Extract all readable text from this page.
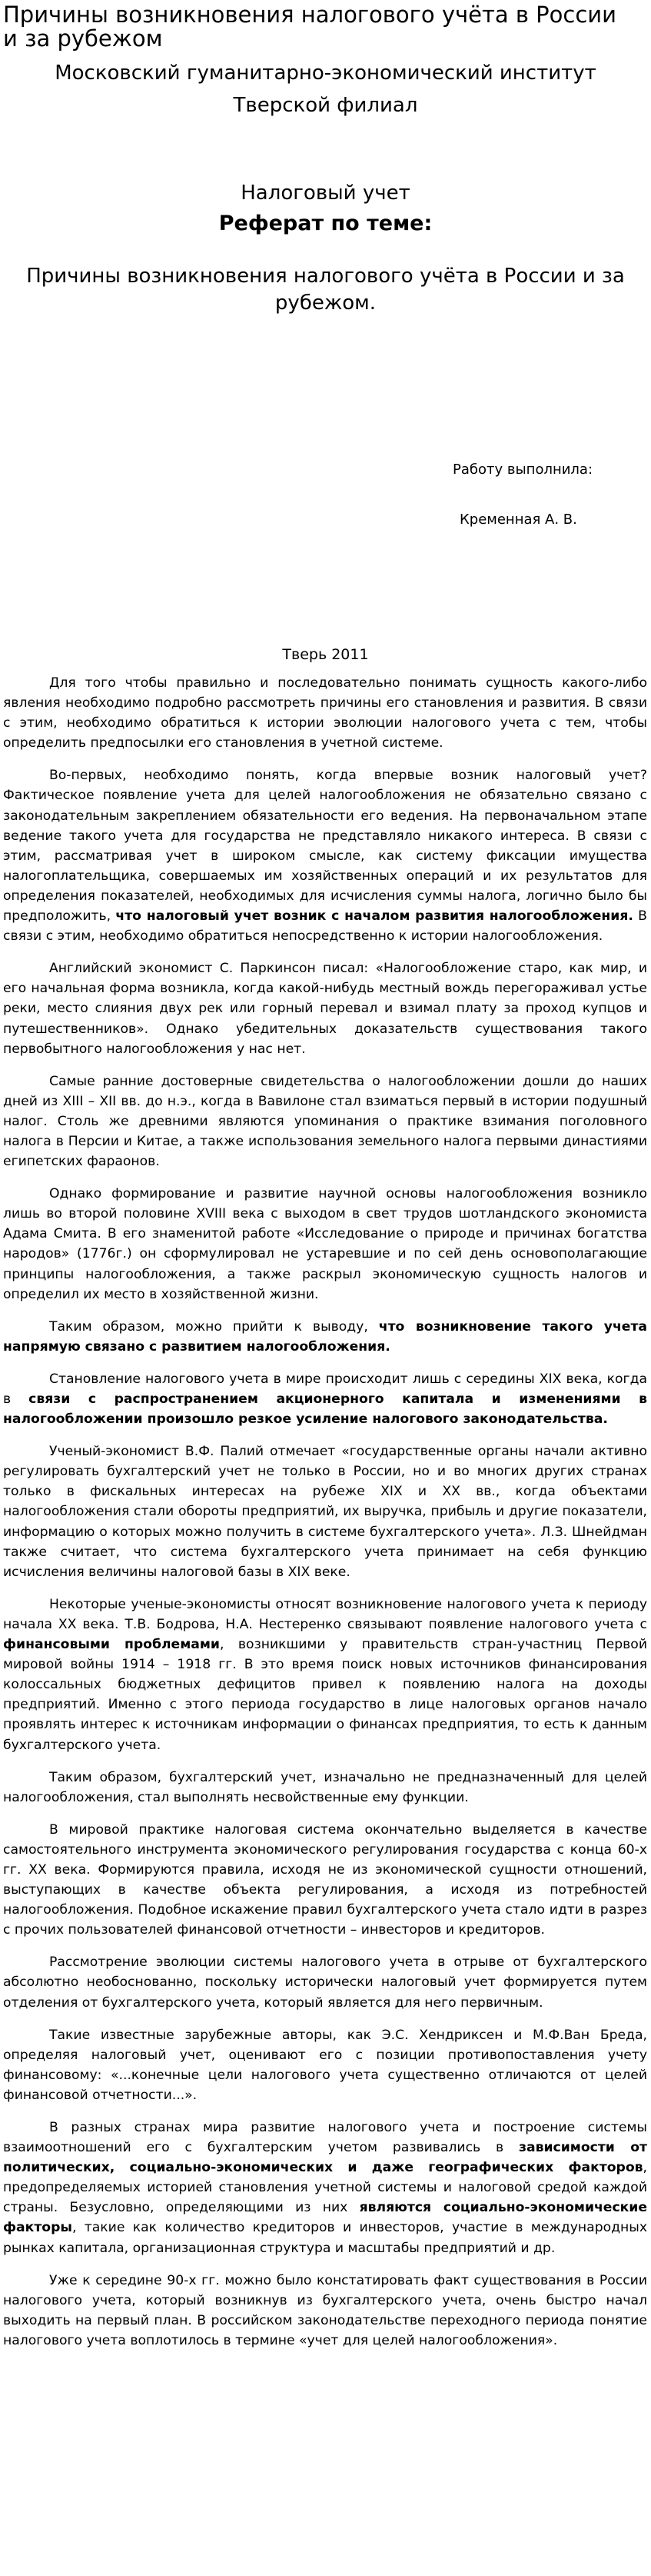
Причины возникновения налогового учёта в России и за рубежом

Московский гуманитарно-экономический институт

Тверской филиал

Налоговый учет

Реферат по теме:

Причины возникновения налогового учёта в России и за рубежом.

Работу выполнила:

Кременная А. В.

Тверь 2011

Для того чтобы правильно и последовательно понимать сущность какого-либо явления необходимо подробно рассмотреть причины его становления и развития. В связи с этим, необходимо обратиться к истории эволюции налогового учета с тем, чтобы определить предпосылки его становления в учетной системе.

Во-первых, необходимо понять, когда впервые возник налоговый учет? Фактическое появление учета для целей налогообложения не обязательно связано с законодательным закреплением обязательности его ведения. На первоначальном этапе ведение такого учета для государства не представляло никакого интереса. В связи с этим, рассматривая учет в широком смысле, как систему фиксации имущества налогоплательщика, совершаемых им хозяйственных операций и их результатов для определения показателей, необходимых для исчисления суммы налога, логично было бы предположить, что налоговый учет возник с началом развития налогообложения. В связи с этим, необходимо обратиться непосредственно к истории налогообложения.

Английский экономист С. Паркинсон писал: «Налогообложение старо, как мир, и его начальная форма возникла, когда какой-нибудь местный вождь перегораживал устье реки, место слияния двух рек или горный перевал и взимал плату за проход купцов и путешественников». Однако убедительных доказательств существования такого первобытного налогообложения у нас нет.

Самые ранние достоверные свидетельства о налогообложении дошли до наших дней из XIII – XII вв. до н.э., когда в Вавилоне стал взиматься первый в истории подушный налог. Столь же древними являются упоминания о практике взимания поголовного налога в Персии и Китае, а также использования земельного налога первыми династиями египетских фараонов.

Однако формирование и развитие научной основы налогообложения возникло лишь во второй половине XVIII века с выходом в свет трудов шотландского экономиста Адама Смита. В его знаменитой работе «Исследование о природе и причинах богатства народов» (1776г.) он сформулировал не устаревшие и по сей день основополагающие принципы налогообложения, а также раскрыл экономическую сущность налогов и определил их место в хозяйственной жизни.

Таким образом, можно прийти к выводу, что возникновение такого учета напрямую связано с развитием налогообложения.

Становление налогового учета в мире происходит лишь с середины XIX века, когда в связи с распространением акционерного капитала и изменениями в налогообложении произошло резкое усиление налогового законодательства.

Ученый-экономист В.Ф. Палий отмечает «государственные органы начали активно регулировать бухгалтерский учет не только в России, но и во многих других странах только в фискальных интересах на рубеже XIX и XX вв., когда объектами налогообложения стали обороты предприятий, их выручка, прибыль и другие показатели, информацию о которых можно получить в системе бухгалтерского учета». Л.З. Шнейдман также считает, что система бухгалтерского учета принимает на себя функцию исчисления величины налоговой базы в XIX веке.

Некоторые ученые-экономисты относят возникновение налогового учета к периоду начала XX века. Т.В. Бодрова, Н.А. Нестеренко связывают появление налогового учета с финансовыми проблемами, возникшими у правительств стран-участниц Первой мировой войны 1914 – 1918 гг. В это время поиск новых источников финансирования колоссальных бюджетных дефицитов привел к появлению налога на доходы предприятий. Именно с этого периода государство в лице налоговых органов начало проявлять интерес к источникам информации о финансах предприятия, то есть к данным бухгалтерского учета.

Таким образом, бухгалтерский учет, изначально не предназначенный для целей налогообложения, стал выполнять несвойственные ему функции.

В мировой практике налоговая система окончательно выделяется в качестве самостоятельного инструмента экономического регулирования государства с конца 60-х гг. XX века. Формируются правила, исходя не из экономической сущности отношений, выступающих в качестве объекта регулирования, а исходя из потребностей налогообложения. Подобное искажение правил бухгалтерского учета стало идти в разрез с прочих пользователей финансовой отчетности – инвесторов и кредиторов.

Рассмотрение эволюции системы налогового учета в отрыве от бухгалтерского абсолютно необоснованно, поскольку исторически налоговый учет формируется путем отделения от бухгалтерского учета, который является для него первичным.

Такие известные зарубежные авторы, как Э.С. Хендриксен и М.Ф.Ван Бреда, определяя налоговый учет, оценивают его с позиции противопоставления учету финансовому: «...конечные цели налогового учета существенно отличаются от целей финансовой отчетности...».

В разных странах мира развитие налогового учета и построение системы взаимоотношений его с бухгалтерским учетом развивались в зависимости от политических, социально-экономических и даже географических факторов, предопределяемых историей становления учетной системы и налоговой средой каждой страны. Безусловно, определяющими из них являются социально-экономические факторы, такие как количество кредиторов и инвесторов, участие в международных рынках капитала, организационная структура и масштабы предприятий и др.

Уже к середине 90-х гг. можно было констатировать факт существования в России налогового учета, который возникнув из бухгалтерского учета, очень быстро начал выходить на первый план. В российском законодательстве переходного периода понятие налогового учета воплотилось в термине «учет для целей налогообложения».
